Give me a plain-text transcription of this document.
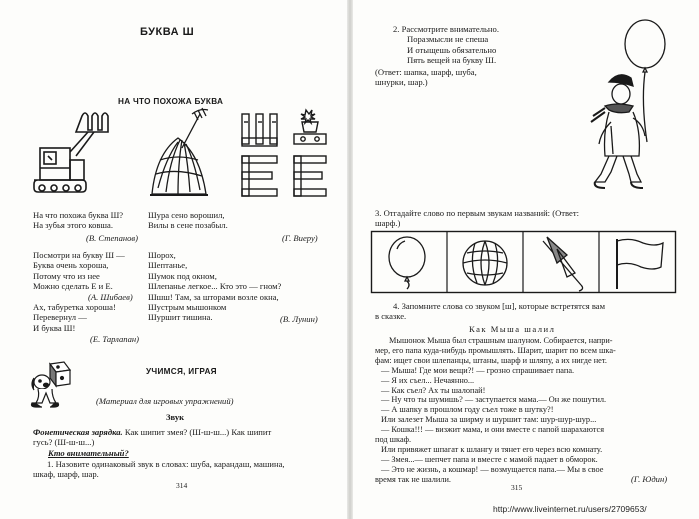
БУКВА Ш
НА ЧТО ПОХОЖА БУКВА
На что похожа буква Ш?
На зубья этого ковша.
(В. Степанов)
Шура сено ворошил,
Вилы в сене позабыл.
(Г. Виеру)
Посмотри на букву Ш —
Буква очень хороша,
Потому что из нее
Можно сделать Е и Е.
(А. Шибаев)
Шорох,
Шептанье,
Шумок под окном,
Шлепанье легкое... Кто это — гном?
Шшш! Там, за шторами возле окна,
Шустрым мышонком
Шуршит тишина.	(В. Лунин)
Ах, табуретка хороша!
Перевернул —
И буква Ш!
(Е. Тарлапан)
УЧИМСЯ, ИГРАЯ
(Материал для игровых упражнений)
Звук
Фонетическая зарядка. Как шипит змея? (Ш-ш-ш...) Как шипит
гусь? (Ш-ш-ш...)
Кто внимательный?
1. Назовите одинаковый звук в словах: шуба, карандаш, машина,
шкаф, шарф, шар.
314
2. Рассмотрите внимательно.
Поразмысли не спеша
И отыщешь обязательно
Пять вещей на букву Ш.
(Ответ: шапка, шарф, шуба,
шнурки, шар.)
3. Отгадайте слово по первым звукам названий: (Ответ:
шарф.)
4. Запомните слова со звуком [ш], которые встретятся вам
в сказке.
Как Мыша шалил
Мышонок Мыша был страшным шалуном. Собирается, напри-
мер, его папа куда-нибудь промышлять. Шарит, шарит по всем шка-
фам: ищет свои шлепанцы, штаны, шарф и шляпу, а их нигде нет.
— Мыша! Где мои вещи?! — грозно спрашивает папа.
— Я их съел... Нечаянно...
— Как съел? Ах ты шалопай!
— Ну что ты шумишь? — заступается мама.— Он же пошутил.
— А шапку в прошлом году съел тоже в шутку?!
Или залезет Мыша за ширму и шуршит там: шур-шур-шур...
— Кошка!!! — визжит мама, и они вместе с папой шарахаются
под шкаф.
Или привяжет шпагат к шлангу и тянет его через всю комнату.
— Змея...— шепчет папа и вместе с мамой падает в обморок.
— Это не жизнь, а кошмар! — возмущается папа.— Мы в свое
время так не шалили.	(Г. Юдин)
315
http://www.liveinternet.ru/users/2709653/
